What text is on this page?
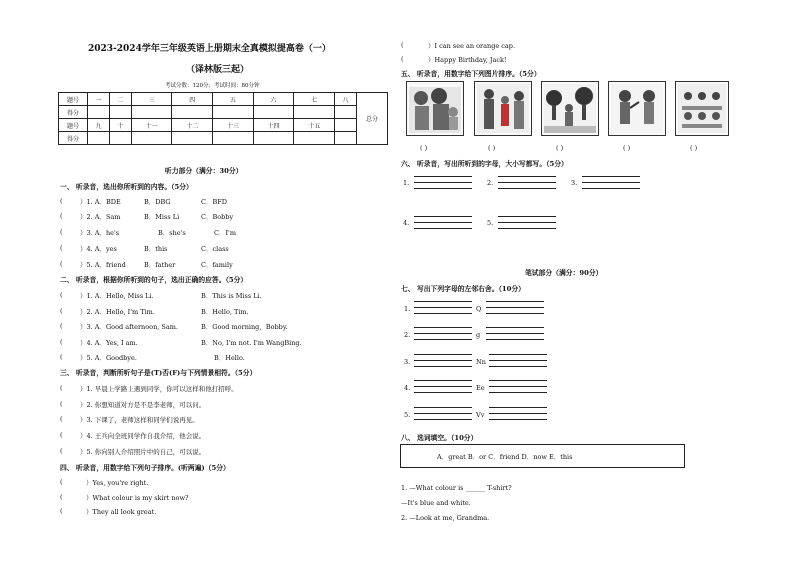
2023-2024学年三年级英语上册期末全真模拟提高卷（一）
（译林版三起）
考试分数：120分；考试时间：80分钟
题号	一	二	三	四	五	六	七	八	总分
得分									
题号	九	十	十一	十二	十三	十四	十五		
得分									
听力部分（满分：30分）
一、 听录音，选出你所听到的内容。（5分）
(	）1. A．BDE	B．DBG	C．BFD
(	）2. A．Sam	B．Miss Li	C．Bobby
(	）3. A．he's	B．she's	C．I'm
(	）4. A．yes	B．this	C．class
(	）5. A．friend	B．father	C．family
二、 听录音，根据你所听到的句子，选出正确的应答。（5分）
(	）1. A．Hello, Miss Li.	B．This is Miss Li.
(	）2. A．Hello, I'm Tim.	B．Hello, Tim.
(	）3. A．Good afternoon, Sam.	B．Good morning，Bobby.
(	）4. A．Yes, I am.	B．No, I'm not. I'm WangBing.
(	）5. A．Goodbye.	B．Hello.
三、 听录音，判断所听句子是(T)否(F)与下列情景相符。（5分）
(	）1. 早晨上学路上遇到同学，你可以这样和他打招呼。
(	）2. 你想知道对方是不是李老师，可以问。
(	）3. 下课了，老师这样和同学们说再见。
(	）4. 王兵向全班同学作自我介绍，他会说。
(	）5. 你向别人介绍照片中的自己，可以说。
四、 听录音，用数字给下列句子排序。(听两遍)（5分）
(	）Yes, you're right.
(	）What colour is my skirt now?
(	）They all look great.
(	）I can see an orange cap.
(	）Happy Birthday, Jack!
五、 听录音，用数字给下列图片排序。（5分）
( )	( )	( )	( )	( )
六、 听录音，写出所听到的字母，大小写都写。（5分）
1.	2.	3.
4.	5.
笔试部分（满分：90分）
七、 写出下列字母的左邻右舍。（10分）
1.	Q
2.	g
3.	Nn
4.	Ee
5.	Vv
八、 选词填空。（10分）
A．great B．or C．friend D．now E．this
1. —What colour is ______ T-shirt?
—It's blue and white.
2. —Look at me, Grandma.
